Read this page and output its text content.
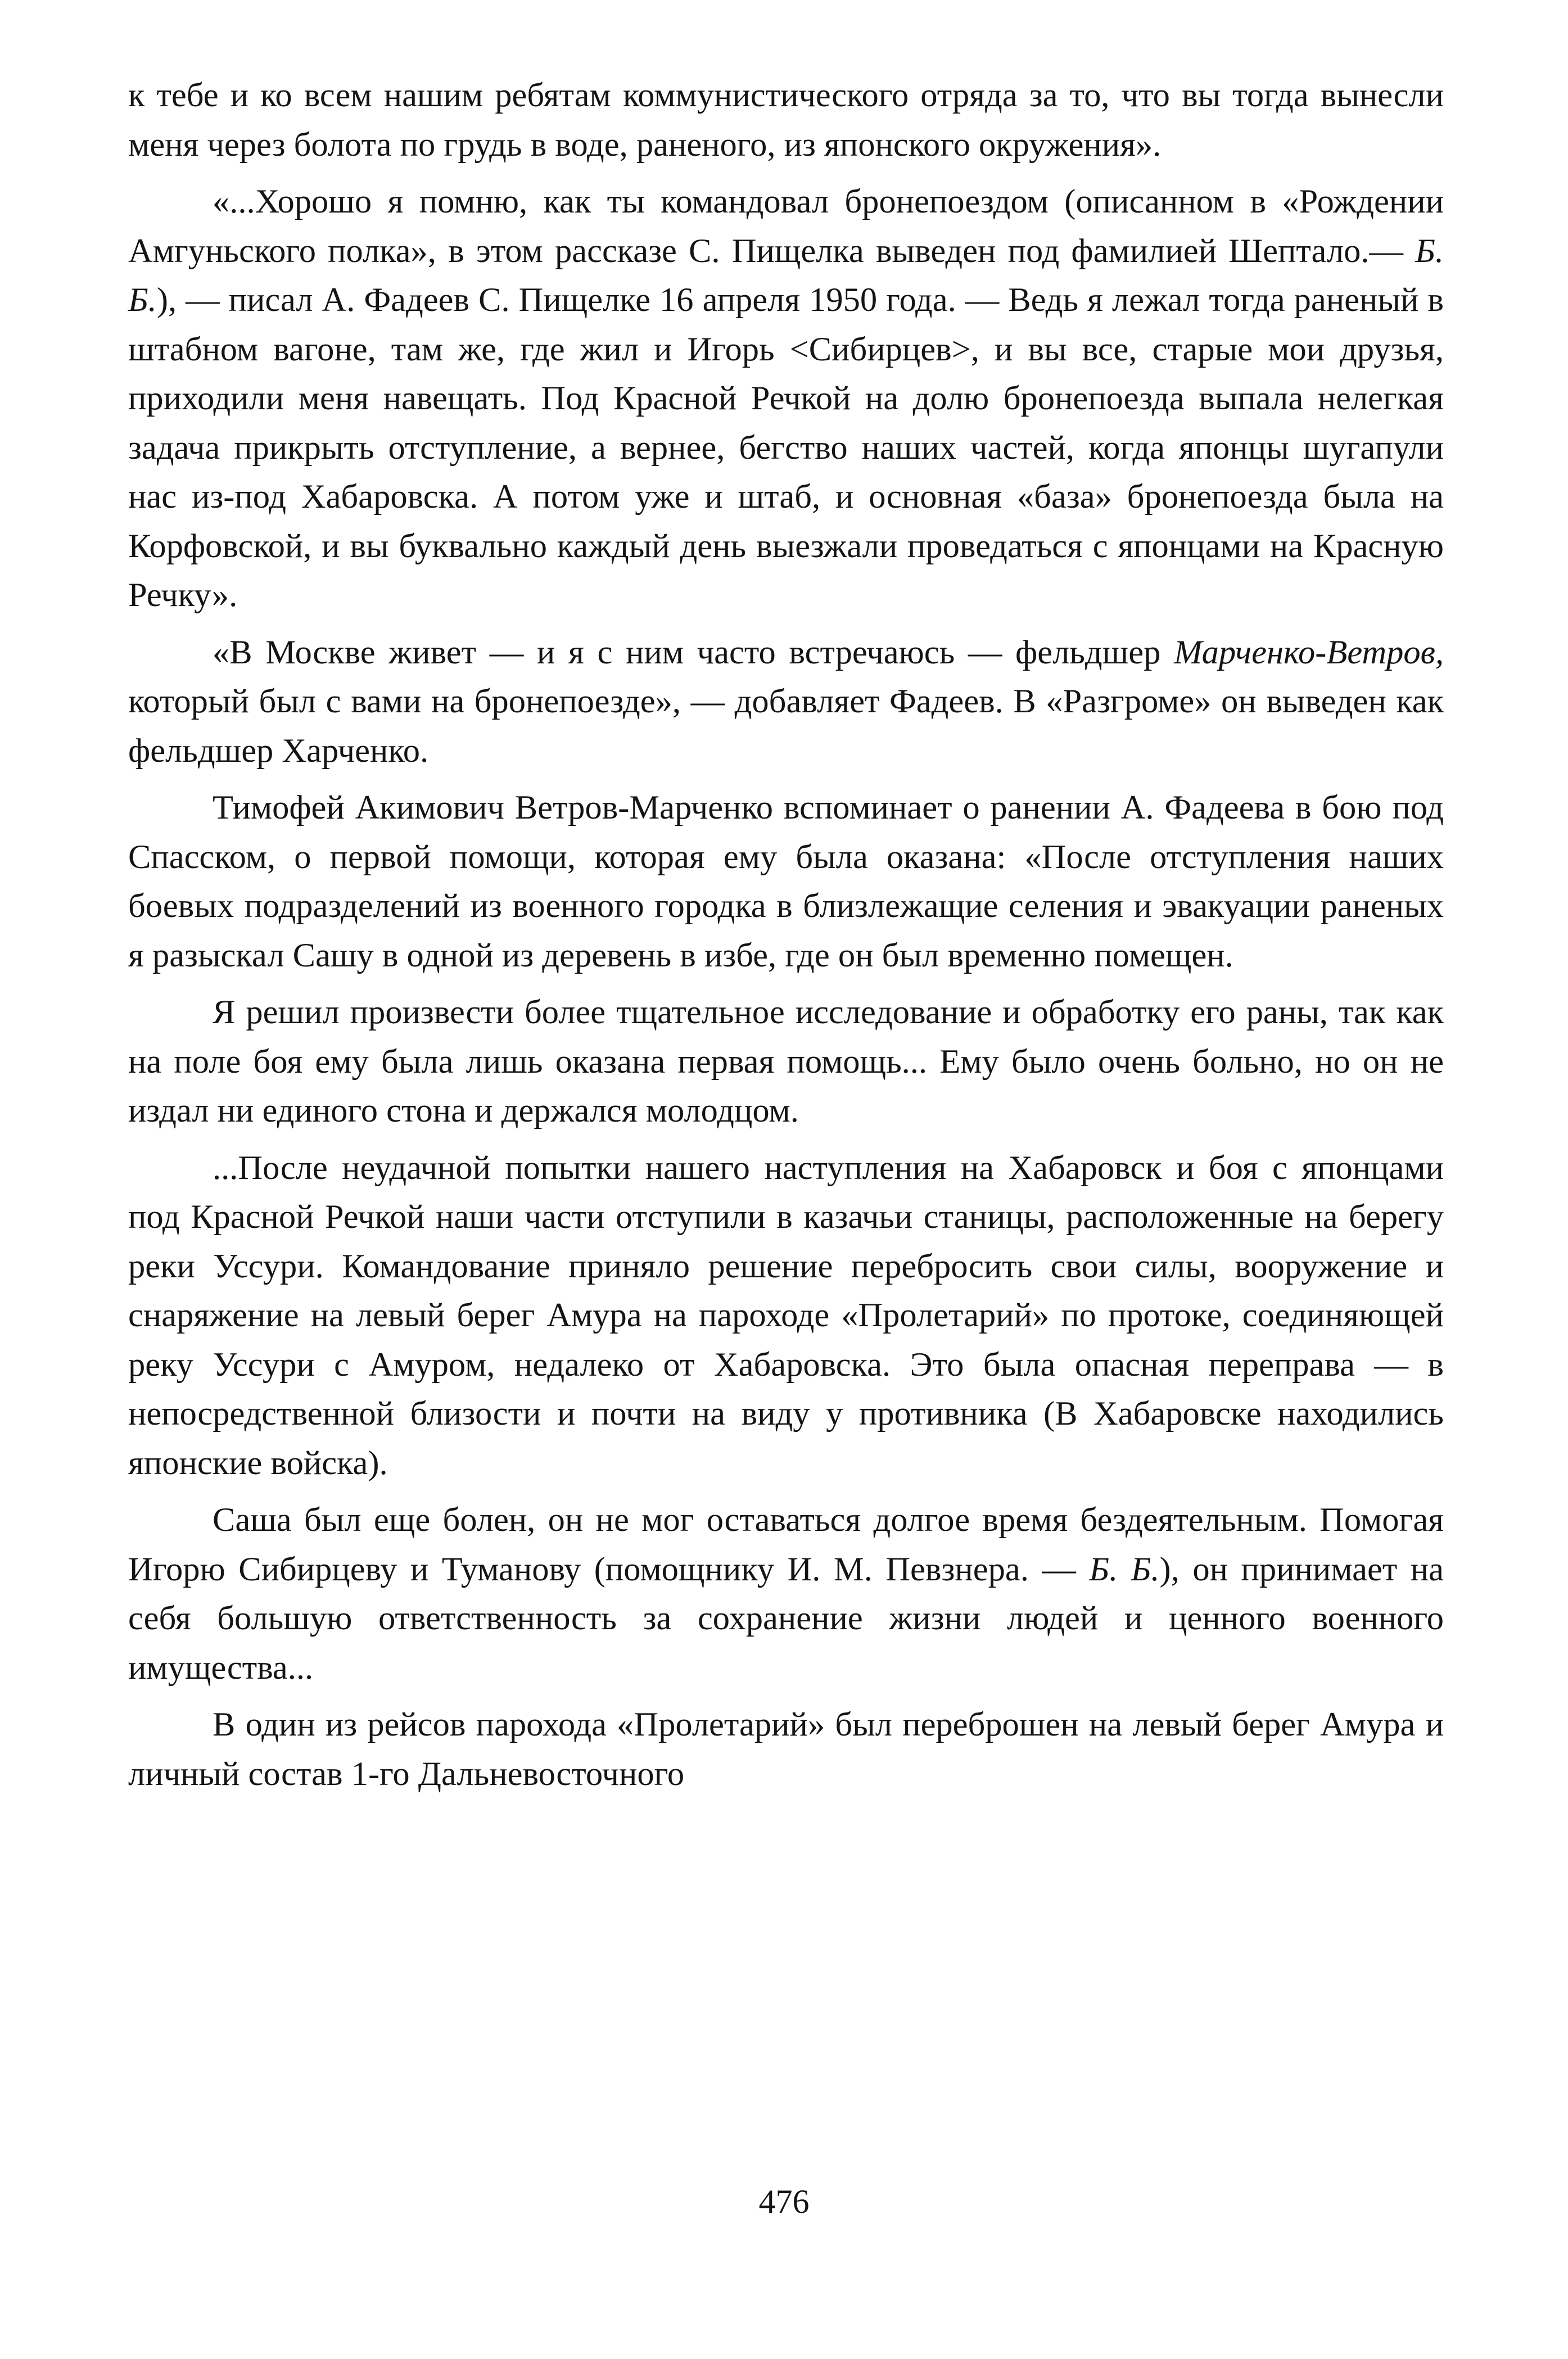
к тебе и ко всем нашим ребятам коммунистического отряда за то, что вы тогда вынесли меня через болота по грудь в воде, раненого, из японского окружения».

«...Хорошо я помню, как ты командовал бронепоездом (описанном в «Рождении Амгуньского полка», в этом рассказе С. Пищелка выведен под фамилией Шептало.— Б. Б.), — писал А. Фадеев С. Пищелке 16 апреля 1950 года. — Ведь я лежал тогда раненый в штабном вагоне, там же, где жил и Игорь <Сибирцев>, и вы все, старые мои друзья, приходили меня навещать. Под Красной Речкой на долю бронепоезда выпала нелегкая задача прикрыть отступление, а вернее, бегство наших частей, когда японцы шугапули нас из-под Хабаровска. А потом уже и штаб, и основная «база» бронепоезда была на Корфовской, и вы буквально каждый день выезжали проведаться с японцами на Красную Речку».

«В Москве живет — и я с ним часто встречаюсь — фельдшер Марченко-Ветров, который был с вами на бронепоезде», — добавляет Фадеев. В «Разгроме» он выведен как фельдшер Харченко.

Тимофей Акимович Ветров-Марченко вспоминает о ранении А. Фадеева в бою под Спасском, о первой помощи, которая ему была оказана: «После отступления наших боевых подразделений из военного городка в близлежащие селения и эвакуации раненых я разыскал Сашу в одной из деревень в избе, где он был временно помещен.

Я решил произвести более тщательное исследование и обработку его раны, так как на поле боя ему была лишь оказана первая помощь... Ему было очень больно, но он не издал ни единого стона и держался молодцом.

...После неудачной попытки нашего наступления на Хабаровск и боя с японцами под Красной Речкой наши части отступили в казачьи станицы, расположенные на берегу реки Уссури. Командование приняло решение перебросить свои силы, вооружение и снаряжение на левый берег Амура на пароходе «Пролетарий» по протоке, соединяющей реку Уссури с Амуром, недалеко от Хабаровска. Это была опасная переправа — в непосредственной близости и почти на виду у противника (В Хабаровске находились японские войска).

Саша был еще болен, он не мог оставаться долгое время бездеятельным. Помогая Игорю Сибирцеву и Туманову (помощнику И. М. Певзнера. — Б. Б.), он принимает на себя большую ответственность за сохранение жизни людей и ценного военного имущества...

В один из рейсов парохода «Пролетарий» был переброшен на левый берег Амура и личный состав 1-го Дальневосточного

476
